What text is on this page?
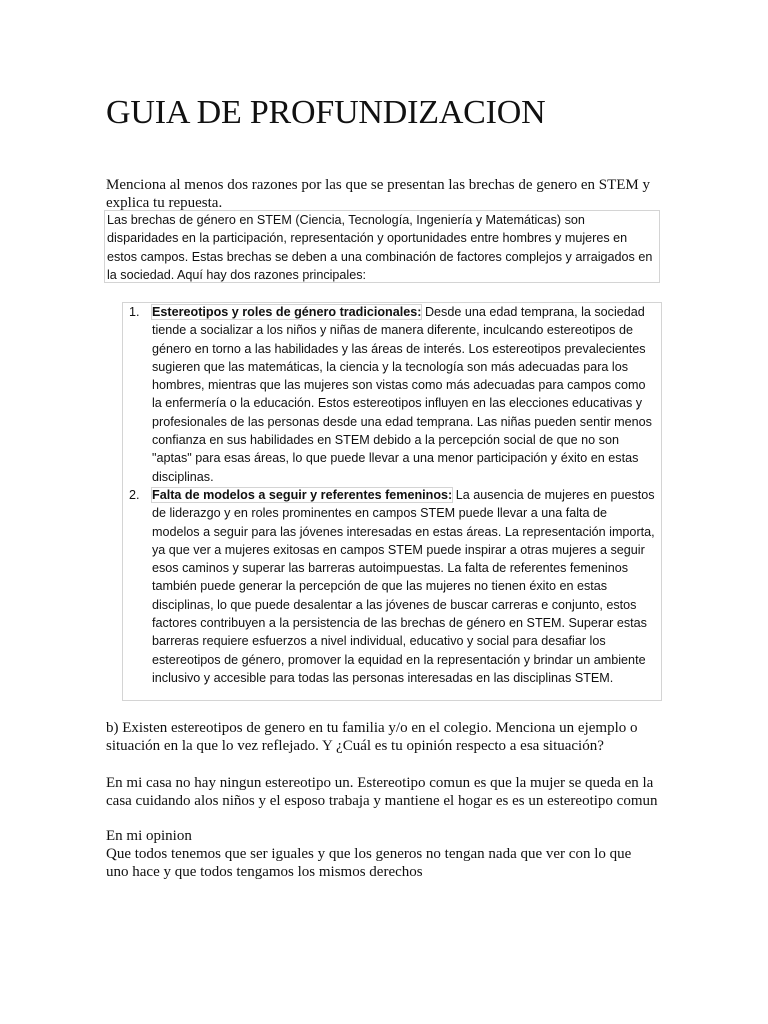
GUIA DE PROFUNDIZACION

Menciona al menos dos razones por las que se presentan las brechas de genero en STEM y explica tu repuesta.

Las brechas de género en STEM (Ciencia, Tecnología, Ingeniería y Matemáticas) son disparidades en la participación, representación y oportunidades entre hombres y mujeres en estos campos. Estas brechas se deben a una combinación de factores complejos y arraigados en la sociedad. Aquí hay dos razones principales:
1. Estereotipos y roles de género tradicionales: Desde una edad temprana, la sociedad tiende a socializar a los niños y niñas de manera diferente, inculcando estereotipos de género en torno a las habilidades y las áreas de interés. Los estereotipos prevalecientes sugieren que las matemáticas, la ciencia y la tecnología son más adecuadas para los hombres, mientras que las mujeres son vistas como más adecuadas para campos como la enfermería o la educación. Estos estereotipos influyen en las elecciones educativas y profesionales de las personas desde una edad temprana. Las niñas pueden sentir menos confianza en sus habilidades en STEM debido a la percepción social de que no son "aptas" para esas áreas, lo que puede llevar a una menor participación y éxito en estas disciplinas.
2. Falta de modelos a seguir y referentes femeninos: La ausencia de mujeres en puestos de liderazgo y en roles prominentes en campos STEM puede llevar a una falta de modelos a seguir para las jóvenes interesadas en estas áreas. La representación importa, ya que ver a mujeres exitosas en campos STEM puede inspirar a otras mujeres a seguir esos caminos y superar las barreras autoimpuestas. La falta de referentes femeninos también puede generar la percepción de que las mujeres no tienen éxito en estas disciplinas, lo que puede desalentar a las jóvenes de buscar carreras e conjunto, estos factores contribuyen a la persistencia de las brechas de género en STEM. Superar estas barreras requiere esfuerzos a nivel individual, educativo y social para desafiar los estereotipos de género, promover la equidad en la representación y brindar un ambiente inclusivo y accesible para todas las personas interesadas en las disciplinas STEM.

b) Existen estereotipos de genero en tu familia y/o en el colegio. Menciona un ejemplo o situación en la que lo vez reflejado. Y ¿Cuál es tu opinión respecto a esa situación?

En mi casa no hay ningun estereotipo un. Estereotipo comun es que la mujer se queda en la casa cuidando alos niños y el esposo trabaja y mantiene el hogar es es un estereotipo comun

En mi opinion

Que todos tenemos que ser iguales y que los generos no tengan nada que ver con lo que uno hace y que todos tengamos los mismos derechos
